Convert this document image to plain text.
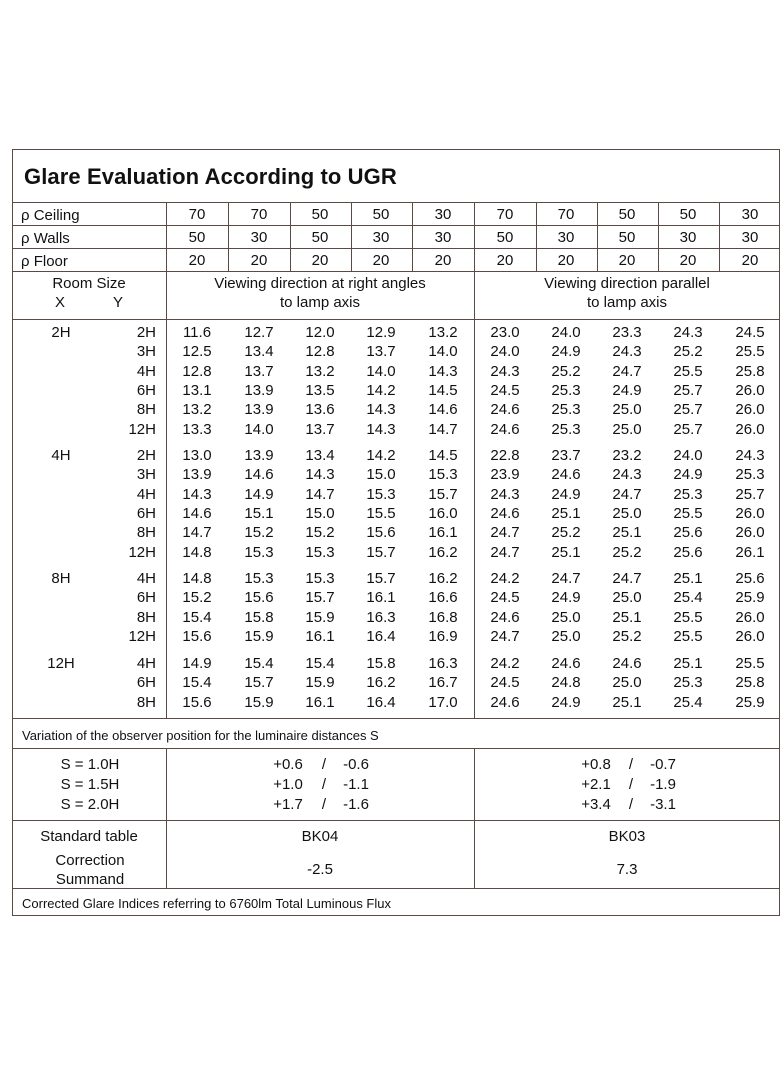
Glare Evaluation According to UGR
ρ Ceiling	70	70	50	50	30	70	70	50	50	30
ρ Walls	50	30	50	30	30	50	30	50	30	30
ρ Floor	20	20	20	20	20	20	20	20	20	20
Room Size
X	Y
Viewing direction at right angles
to lamp axis
Viewing direction parallel
to lamp axis
2H	2H 11.6 12.7 12.0 12.9 13.2 23.0 24.0 23.3 24.3 24.5
3H 12.5 13.4 12.8 13.7 14.0 24.0 24.9 24.3 25.2 25.5
4H 12.8 13.7 13.2 14.0 14.3 24.3 25.2 24.7 25.5 25.8
6H 13.1 13.9 13.5 14.2 14.5 24.5 25.3 24.9 25.7 26.0
8H 13.2 13.9 13.6 14.3 14.6 24.6 25.3 25.0 25.7 26.0
12H 13.3 14.0 13.7 14.3 14.7 24.6 25.3 25.0 25.7 26.0
4H	2H 13.0 13.9 13.4 14.2 14.5 22.8 23.7 23.2 24.0 24.3
3H 13.9 14.6 14.3 15.0 15.3 23.9 24.6 24.3 24.9 25.3
4H 14.3 14.9 14.7 15.3 15.7 24.3 24.9 24.7 25.3 25.7
6H 14.6 15.1 15.0 15.5 16.0 24.6 25.1 25.0 25.5 26.0
8H 14.7 15.2 15.2 15.6 16.1 24.7 25.2 25.1 25.6 26.0
12H 14.8 15.3 15.3 15.7 16.2 24.7 25.1 25.2 25.6 26.1
8H	4H 14.8 15.3 15.3 15.7 16.2 24.2 24.7 24.7 25.1 25.6
6H 15.2 15.6 15.7 16.1 16.6 24.5 24.9 25.0 25.4 25.9
8H 15.4 15.8 15.9 16.3 16.8 24.6 25.0 25.1 25.5 26.0
12H 15.6 15.9 16.1 16.4 16.9 24.7 25.0 25.2 25.5 26.0
12H	4H 14.9 15.4 15.4 15.8 16.3 24.2 24.6 24.6 25.1 25.5
6H 15.4 15.7 15.9 16.2 16.7 24.5 24.8 25.0 25.3 25.8
8H 15.6 15.9 16.1 16.4 17.0 24.6 24.9 25.1 25.4 25.9
Variation of the observer position for the luminaire distances S
S = 1.0H	+0.6 / -0.6	+0.8 / -0.7
S = 1.5H	+1.0 / -1.1	+2.1 / -1.9
S = 2.0H	+1.7 / -1.6	+3.4 / -3.1
Standard table	BK04	BK03
Correction
Summand
-2.5	7.3
Corrected Glare Indices referring to 6760lm Total Luminous Flux
